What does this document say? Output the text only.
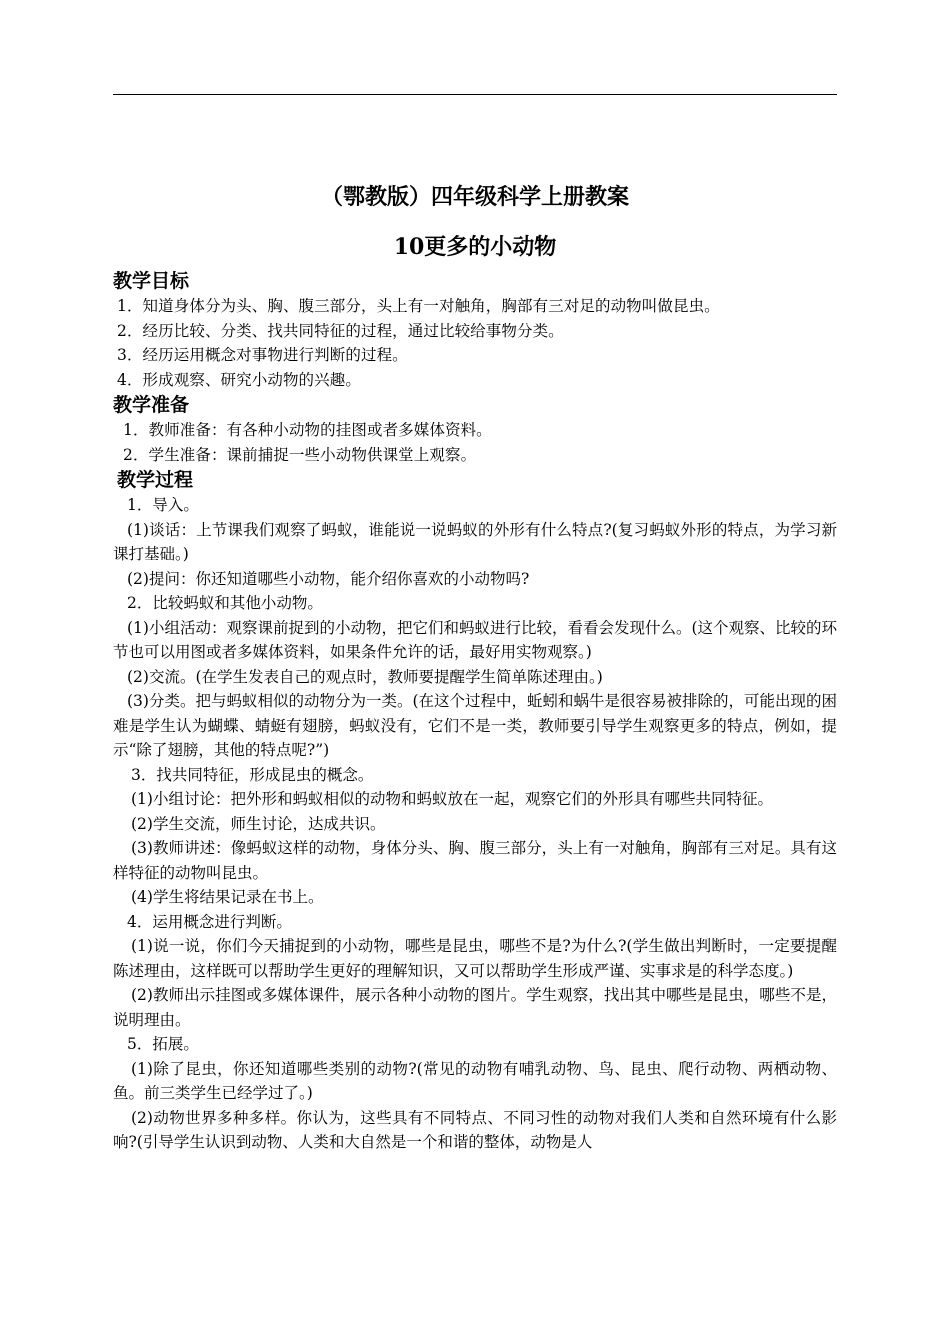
（鄂教版）四年级科学上册教案
10更多的小动物
教学目标

1．知道身体分为头、胸、腹三部分，头上有一对触角，胸部有三对足的动物叫做昆虫。

2．经历比较、分类、找共同特征的过程，通过比较给事物分类。

3．经历运用概念对事物进行判断的过程。

4．形成观察、研究小动物的兴趣。

教学准备

1．教师准备：有各种小动物的挂图或者多媒体资料。

2．学生准备：课前捕捉一些小动物供课堂上观察。

教学过程

1．导入。

(1)谈话：上节课我们观察了蚂蚁，谁能说一说蚂蚁的外形有什么特点?(复习蚂蚁外形的特点，为学习新课打基础。)

(2)提问：你还知道哪些小动物，能介绍你喜欢的小动物吗?

2．比较蚂蚁和其他小动物。

(1)小组活动：观察课前捉到的小动物，把它们和蚂蚁进行比较，看看会发现什么。(这个观察、比较的环节也可以用图或者多媒体资料，如果条件允许的话，最好用实物观察。)

(2)交流。(在学生发表自己的观点时，教师要提醒学生简单陈述理由。)

(3)分类。把与蚂蚁相似的动物分为一类。(在这个过程中，蚯蚓和蜗牛是很容易被排除的，可能出现的困难是学生认为蝴蝶、蜻蜓有翅膀，蚂蚁没有，它们不是一类，教师要引导学生观察更多的特点，例如，提示“除了翅膀，其他的特点呢?”)

3．找共同特征，形成昆虫的概念。

(1)小组讨论：把外形和蚂蚁相似的动物和蚂蚁放在一起，观察它们的外形具有哪些共同特征。

(2)学生交流，师生讨论，达成共识。

(3)教师讲述：像蚂蚁这样的动物，身体分头、胸、腹三部分，头上有一对触角，胸部有三对足。具有这样特征的动物叫昆虫。

(4)学生将结果记录在书上。

4．运用概念进行判断。

(1)说一说，你们今天捕捉到的小动物，哪些是昆虫，哪些不是?为什么?(学生做出判断时，一定要提醒陈述理由，这样既可以帮助学生更好的理解知识，又可以帮助学生形成严谨、实事求是的科学态度。)

(2)教师出示挂图或多媒体课件，展示各种小动物的图片。学生观察，找出其中哪些是昆虫，哪些不是，说明理由。

5．拓展。

(1)除了昆虫，你还知道哪些类别的动物?(常见的动物有哺乳动物、鸟、昆虫、爬行动物、两栖动物、鱼。前三类学生已经学过了。)

(2)动物世界多种多样。你认为，这些具有不同特点、不同习性的动物对我们人类和自然环境有什么影响?(引导学生认识到动物、人类和大自然是一个和谐的整体，动物是人
